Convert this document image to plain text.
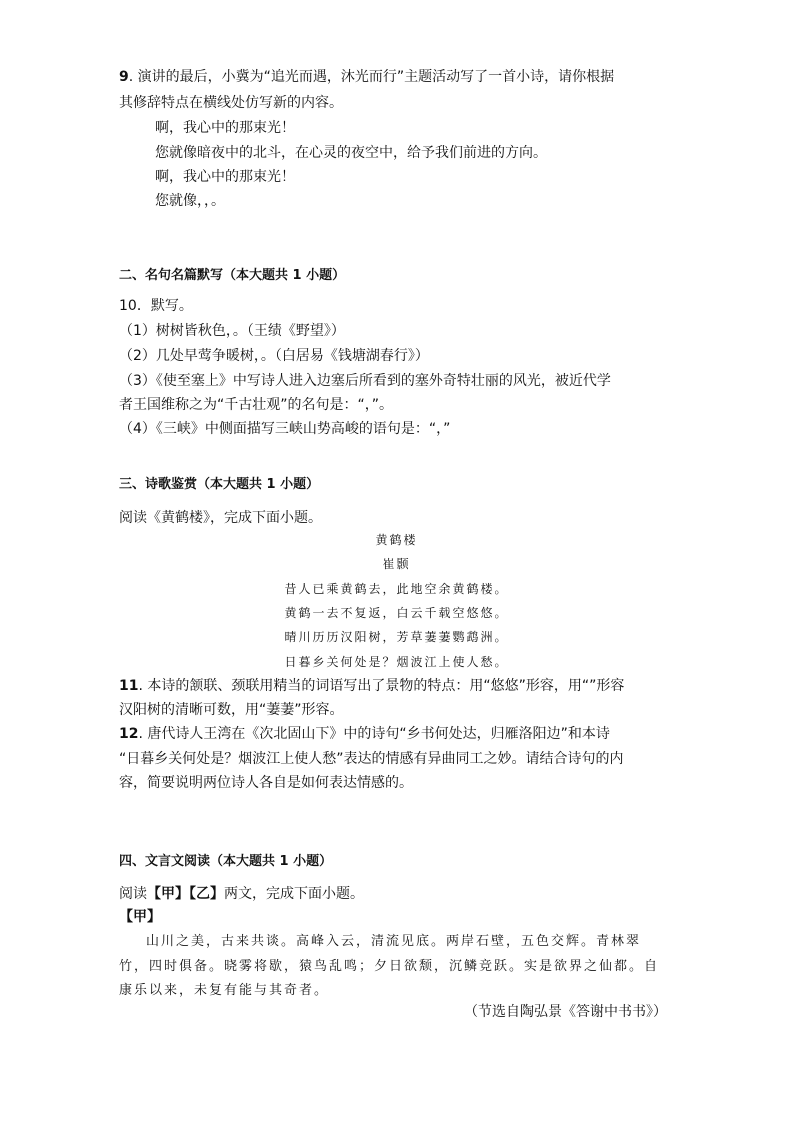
9. 演讲的最后，小冀为“追光而遇，沐光而行”主题活动写了一首小诗，请你根据
其修辞特点在横线处仿写新的内容。
啊，我心中的那束光！
您就像暗夜中的北斗，在心灵的夜空中，给予我们前进的方向。
啊，我心中的那束光！
您就像，，。
二、名句名篇默写（本大题共 1 小题）
10．默写。
（1）树树皆秋色，。（王绩《野望》）
（2）几处早莺争暖树，。（白居易《钱塘湖春行》）
（3）《使至塞上》中写诗人进入边塞后所看到的塞外奇特壮丽的风光，被近代学
者王国维称之为“千古壮观”的名句是：“，”。
（4）《三峡》中侧面描写三峡山势高峻的语句是：“，”
三、诗歌鉴赏（本大题共 1 小题）
阅读《黄鹤楼》，完成下面小题。
黄鹤楼
崔颢
昔人已乘黄鹤去，此地空余黄鹤楼。
黄鹤一去不复返，白云千载空悠悠。
晴川历历汉阳树，芳草萋萋鹦鹉洲。
日暮乡关何处是？烟波江上使人愁。
11. 本诗的颔联、颈联用精当的词语写出了景物的特点：用“悠悠”形容，用“”形容
汉阳树的清晰可数，用“萋萋”形容。
12. 唐代诗人王湾在《次北固山下》中的诗句“乡书何处达，归雁洛阳边”和本诗
“日暮乡关何处是？烟波江上使人愁”表达的情感有异曲同工之妙。请结合诗句的内
容，简要说明两位诗人各自是如何表达情感的。
四、文言文阅读（本大题共 1 小题）
阅读【甲】【乙】两文，完成下面小题。
【甲】
山川之美，古来共谈。高峰入云，清流见底。两岸石壁，五色交辉。青林翠
竹，四时俱备。晓雾将歇，猿鸟乱鸣；夕日欲颓，沉鳞竞跃。实是欲界之仙都。自
康乐以来，未复有能与其奇者。
（节选自陶弘景《答谢中书书》）
